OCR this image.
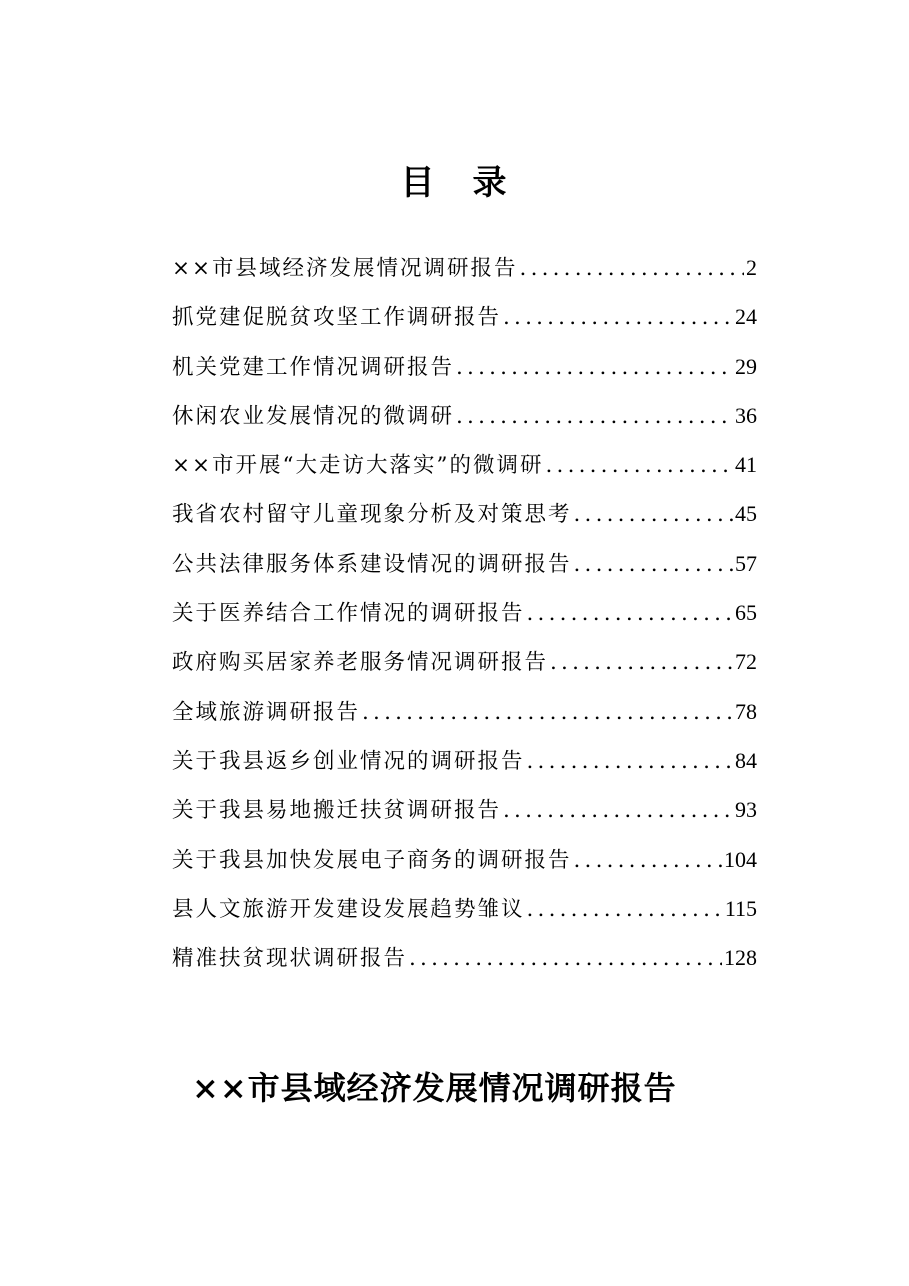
目　录
××市县域经济发展情况调研报告 .....	2
抓党建促脱贫攻坚工作调研报告 .....	24
机关党建工作情况调研报告 .....	29
休闲农业发展情况的微调研 .....	36
××市开展“大走访大落实”的微调研 .....	41
我省农村留守儿童现象分析及对策思考 .....	45
公共法律服务体系建设情况的调研报告 .....	57
关于医养结合工作情况的调研报告 .....	65
政府购买居家养老服务情况调研报告 .....	72
全域旅游调研报告 .....	78
关于我县返乡创业情况的调研报告 .....	84
关于我县易地搬迁扶贫调研报告 .....	93
关于我县加快发展电子商务的调研报告 .....	104
县人文旅游开发建设发展趋势雏议 .....	115
精准扶贫现状调研报告 .....	128
××市县域经济发展情况调研报告
